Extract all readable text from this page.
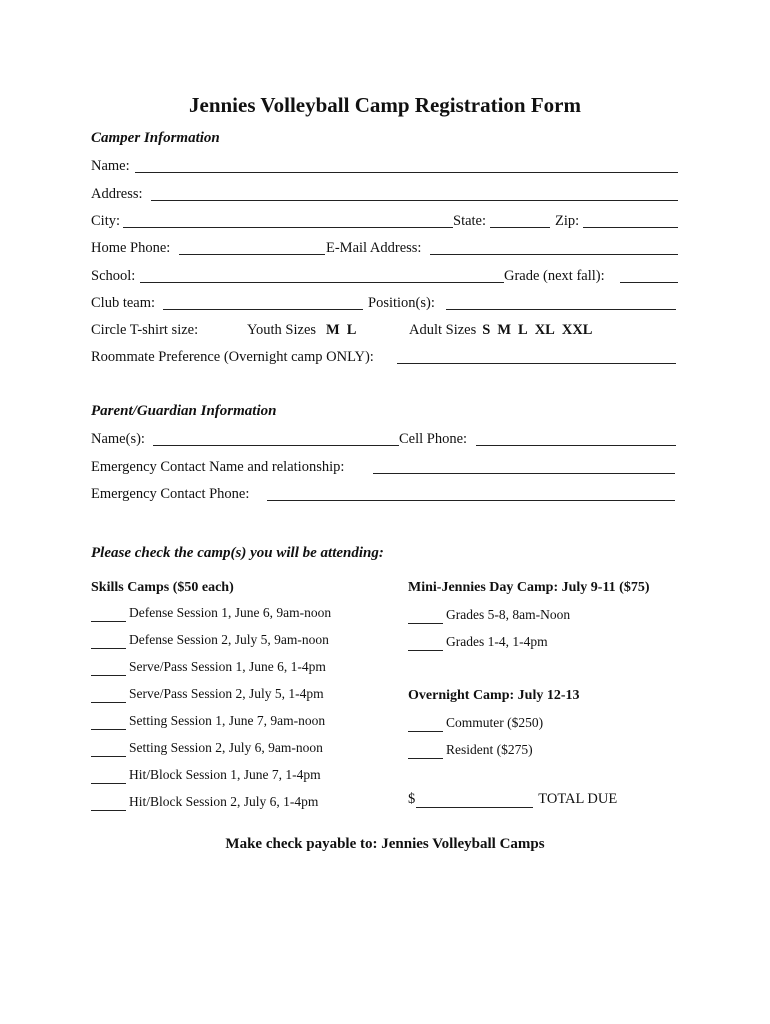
Jennies Volleyball Camp Registration Form
Camper Information
Name:
Address:
City:	State:	Zip:
Home Phone:	E-Mail Address:
School:	Grade (next fall):
Club team:	Position(s):
Circle T-shirt size:	Youth Sizes M L	Adult Sizes S M L XL XXL
Roommate Preference (Overnight camp ONLY):
Parent/Guardian Information
Name(s):	Cell Phone:
Emergency Contact Name and relationship:
Emergency Contact Phone:
Please check the camp(s) you will be attending:
Skills Camps ($50 each)
Defense Session 1, June 6, 9am-noon
Defense Session 2, July 5, 9am-noon
Serve/Pass Session 1, June 6, 1-4pm
Serve/Pass Session 2, July 5, 1-4pm
Setting Session 1, June 7, 9am-noon
Setting Session 2, July 6, 9am-noon
Hit/Block Session 1, June 7, 1-4pm
Hit/Block Session 2, July 6, 1-4pm
Mini-Jennies Day Camp: July 9-11 ($75)
Grades 5-8, 8am-Noon
Grades 1-4, 1-4pm
Overnight Camp: July 12-13
Commuter ($250)
Resident ($275)
$	TOTAL DUE
Make check payable to: Jennies Volleyball Camps
